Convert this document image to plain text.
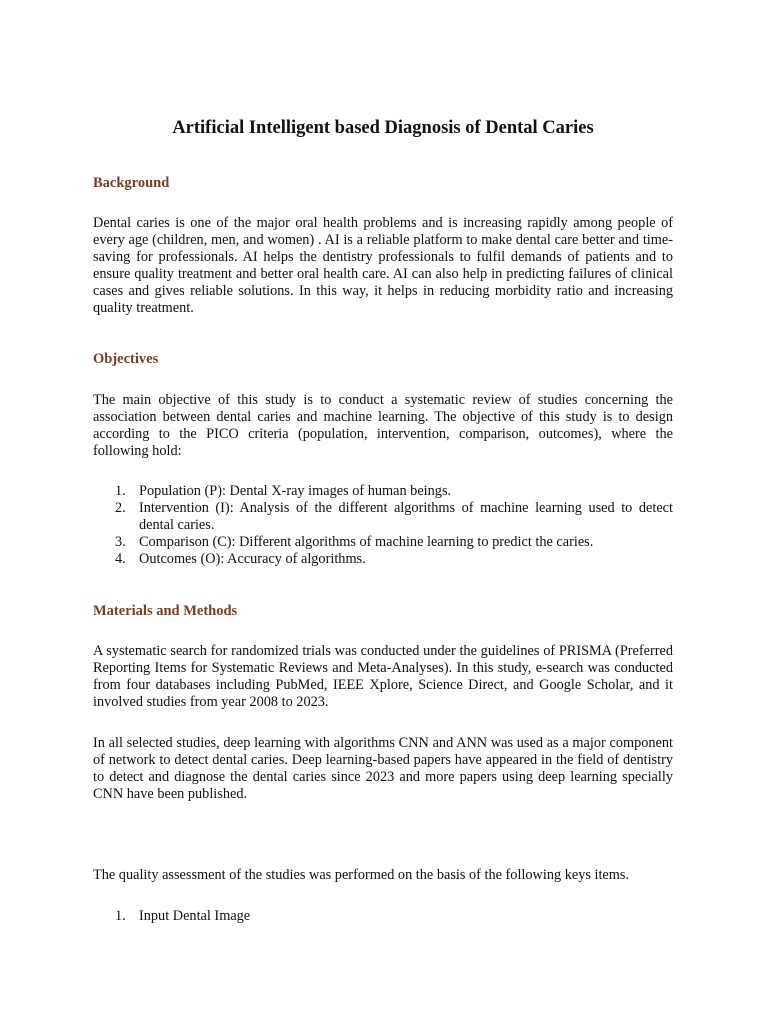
Artificial Intelligent based Diagnosis of Dental Caries
Background

Dental caries is one of the major oral health problems and is increasing rapidly among people of every age (children, men, and women) . AI is a reliable platform to make dental care better and time-saving for professionals. AI helps the dentistry professionals to fulfil demands of patients and to ensure quality treatment and better oral health care. AI can also help in predicting failures of clinical cases and gives reliable solutions. In this way, it helps in reducing morbidity ratio and increasing quality treatment.

Objectives

The main objective of this study is to conduct a systematic review of studies concerning the association between dental caries and machine learning. The objective of this study is to design according to the PICO criteria (population, intervention, comparison, outcomes), where the following hold:

1. Population (P): Dental X-ray images of human beings.
2. Intervention (I): Analysis of the different algorithms of machine learning used to detect dental caries.
3. Comparison (C): Different algorithms of machine learning to predict the caries.
4. Outcomes (O): Accuracy of algorithms.
Materials and Methods

A systematic search for randomized trials was conducted under the guidelines of PRISMA (Preferred Reporting Items for Systematic Reviews and Meta-Analyses). In this study, e-search was conducted from four databases including PubMed, IEEE Xplore, Science Direct, and Google Scholar, and it involved studies from year 2008 to 2023.

In all selected studies, deep learning with algorithms CNN and ANN was used as a major component of network to detect dental caries. Deep learning-based papers have appeared in the field of dentistry to detect and diagnose the dental caries since 2023 and more papers using deep learning specially CNN have been published.

The quality assessment of the studies was performed on the basis of the following keys items.

1. Input Dental Image
